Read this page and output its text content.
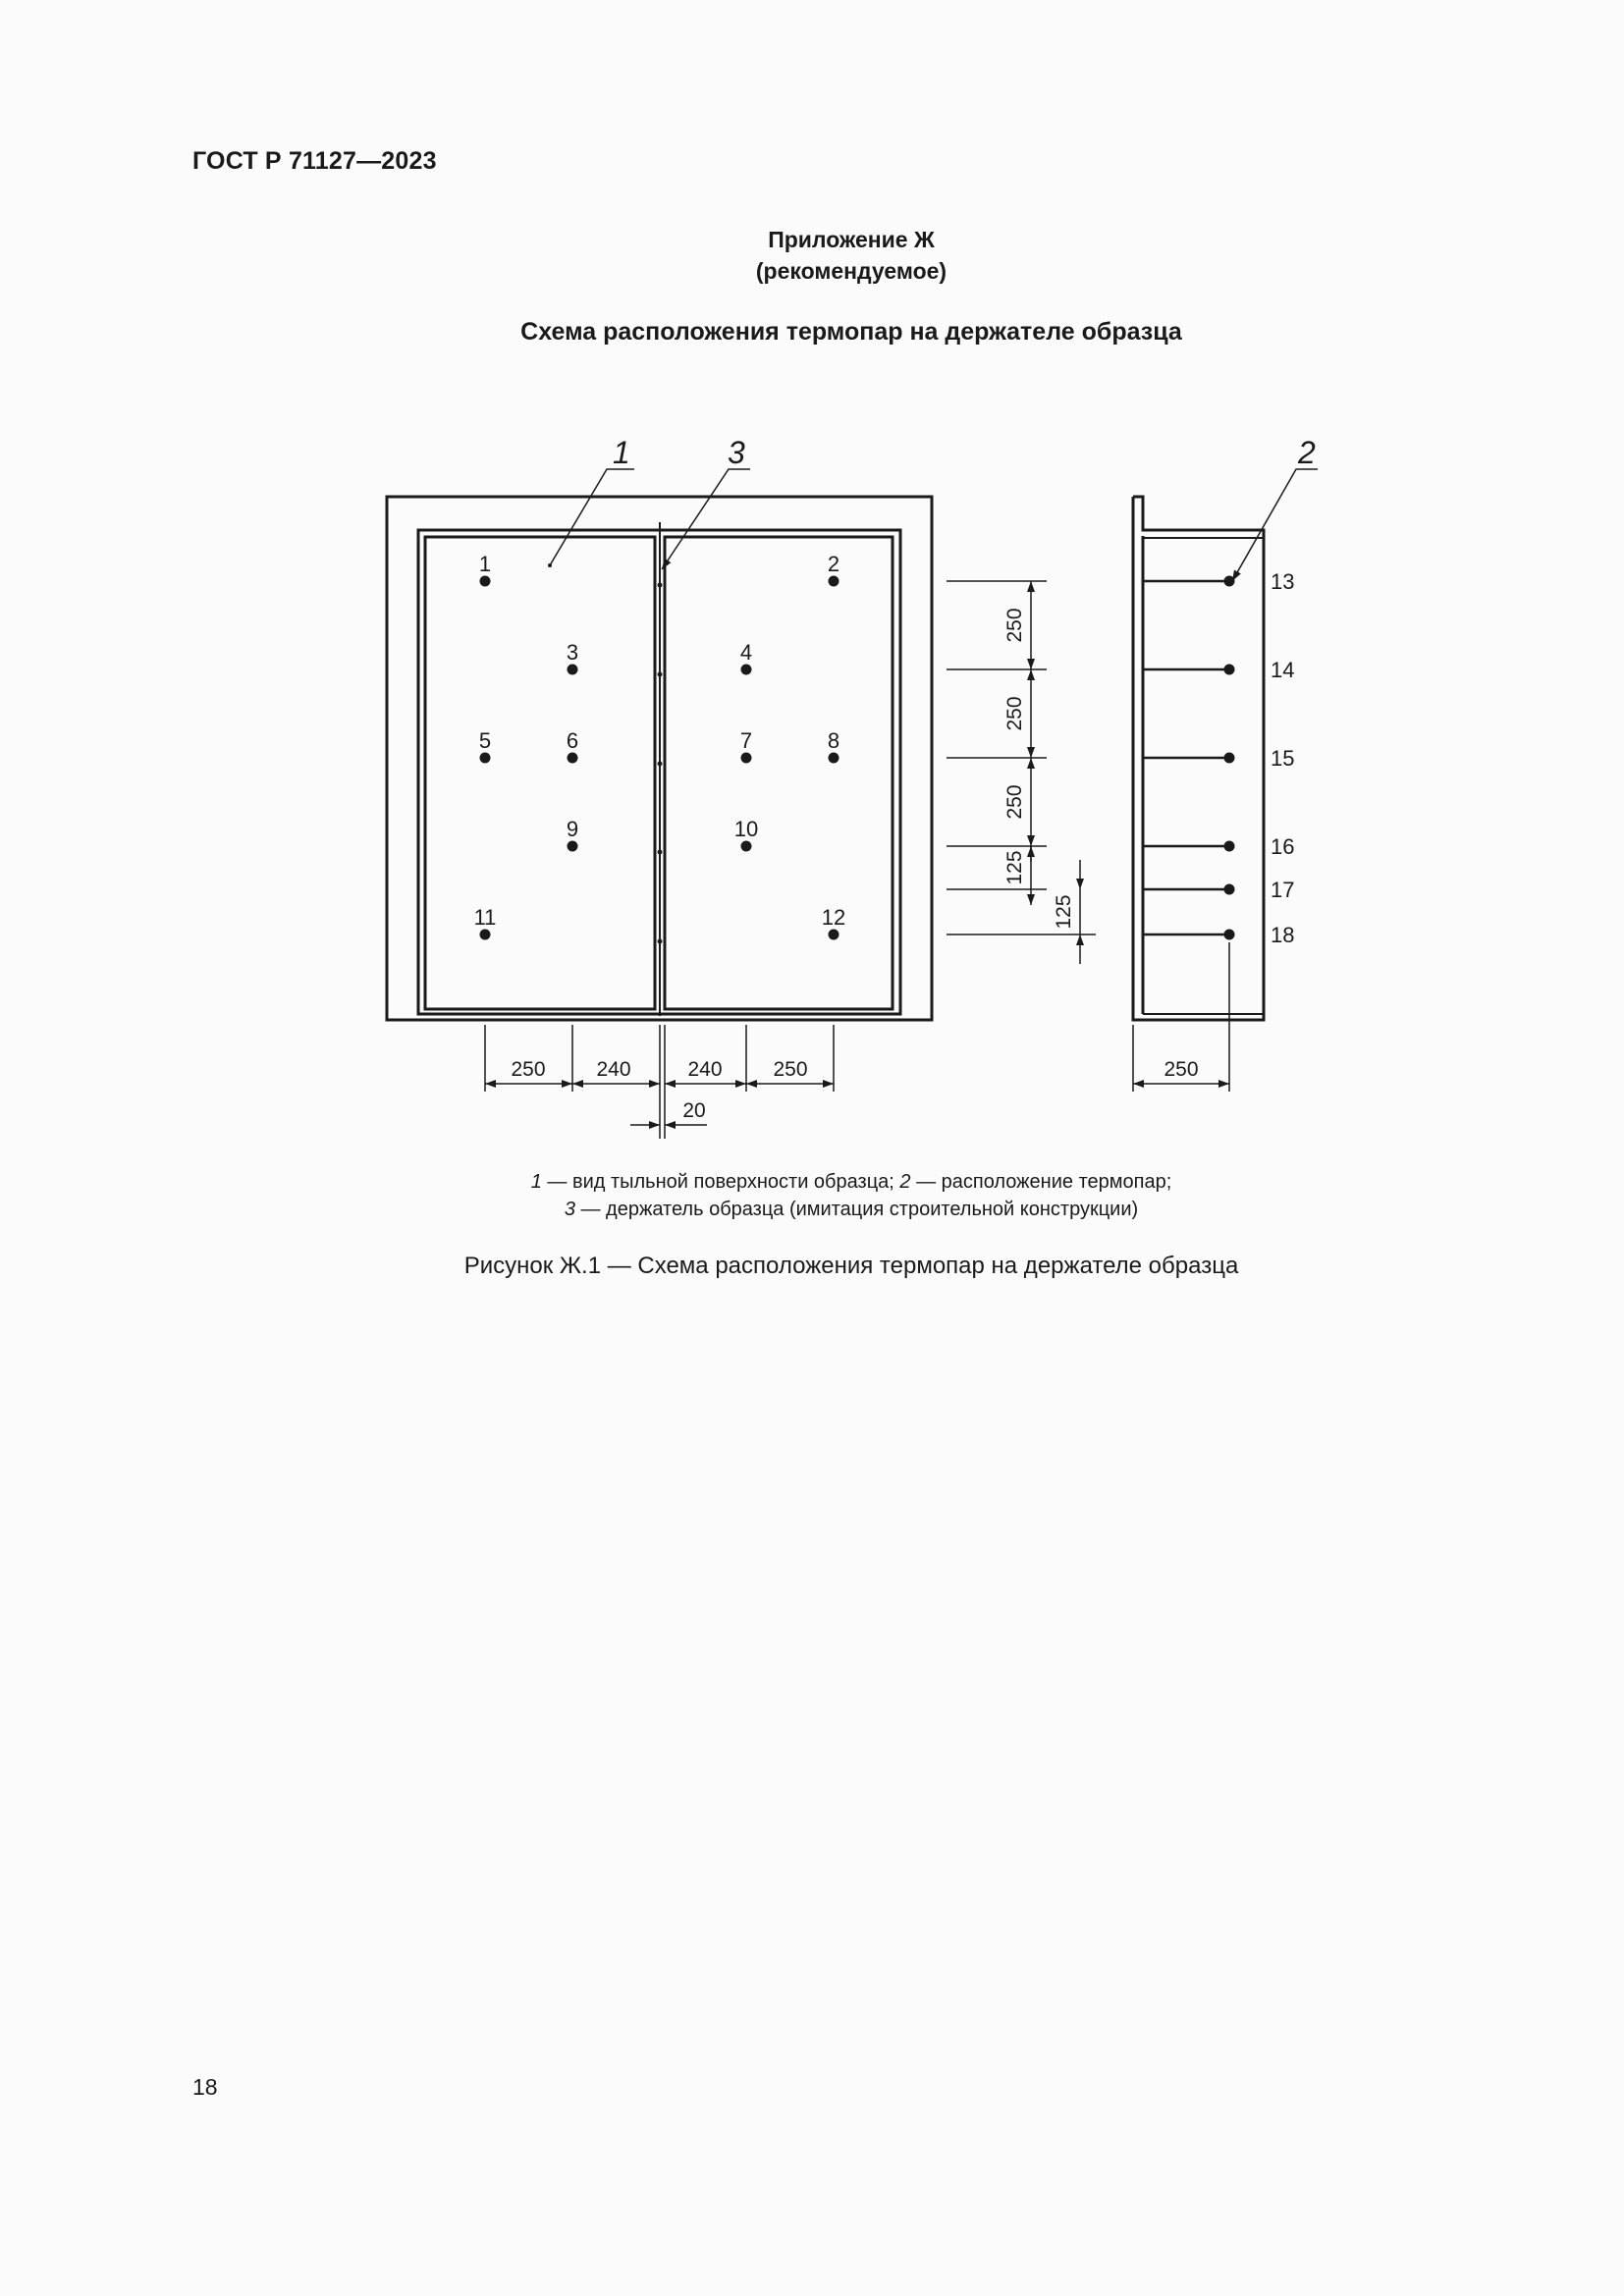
ГОСТ Р 71127—2023
Приложение Ж
(рекомендуемое)
Схема расположения термопар на держателе образца
1	3	2
1	2
3	4
5	6	7	8
9	10
11	12
250
250
250
125
125
250 240	240 250
20
13
14
15
16
17
18
250
1 — вид тыльной поверхности образца; 2 — расположение термопар;
3 — держатель образца (имитация строительной конструкции)
Рисунок Ж.1 — Схема расположения термопар на держателе образца
18
